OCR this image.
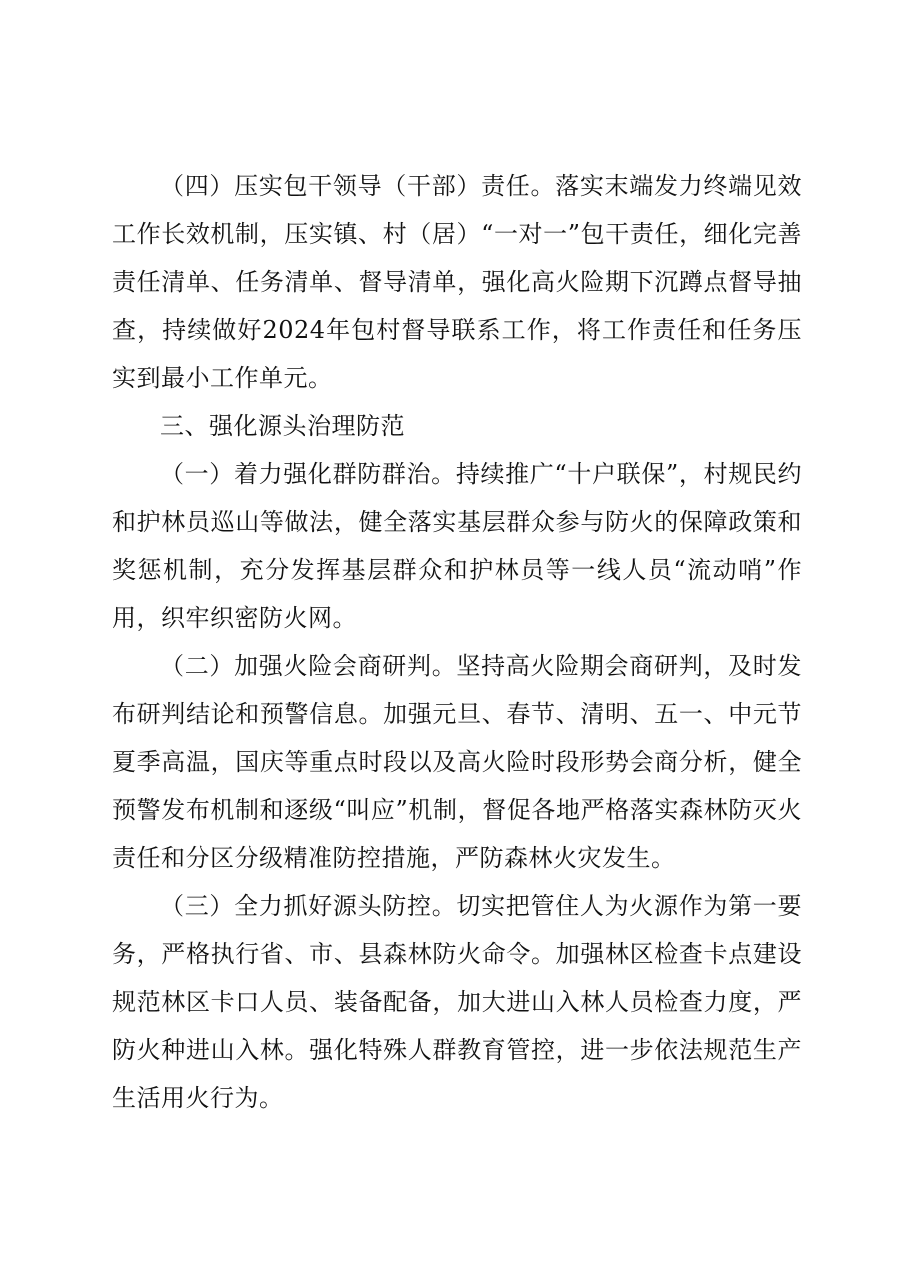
（四）压实包干领导（干部）责任。落实末端发力终端见效工作长效机制，压实镇、村（居）“一对一”包干责任，细化完善责任清单、任务清单、督导清单，强化高火险期下沉蹲点督导抽查，持续做好2024年包村督导联系工作，将工作责任和任务压实到最小工作单元。

三、强化源头治理防范

（一）着力强化群防群治。持续推广“十户联保”，村规民约和护林员巡山等做法，健全落实基层群众参与防火的保障政策和奖惩机制，充分发挥基层群众和护林员等一线人员“流动哨”作用，织牢织密防火网。

（二）加强火险会商研判。坚持高火险期会商研判，及时发布研判结论和预警信息。加强元旦、春节、清明、五一、中元节夏季高温，国庆等重点时段以及高火险时段形势会商分析，健全预警发布机制和逐级“叫应”机制，督促各地严格落实森林防灭火责任和分区分级精准防控措施，严防森林火灾发生。

（三）全力抓好源头防控。切实把管住人为火源作为第一要务，严格执行省、市、县森林防火命令。加强林区检查卡点建设规范林区卡口人员、装备配备，加大进山入林人员检查力度，严防火种进山入林。强化特殊人群教育管控，进一步依法规范生产生活用火行为。
